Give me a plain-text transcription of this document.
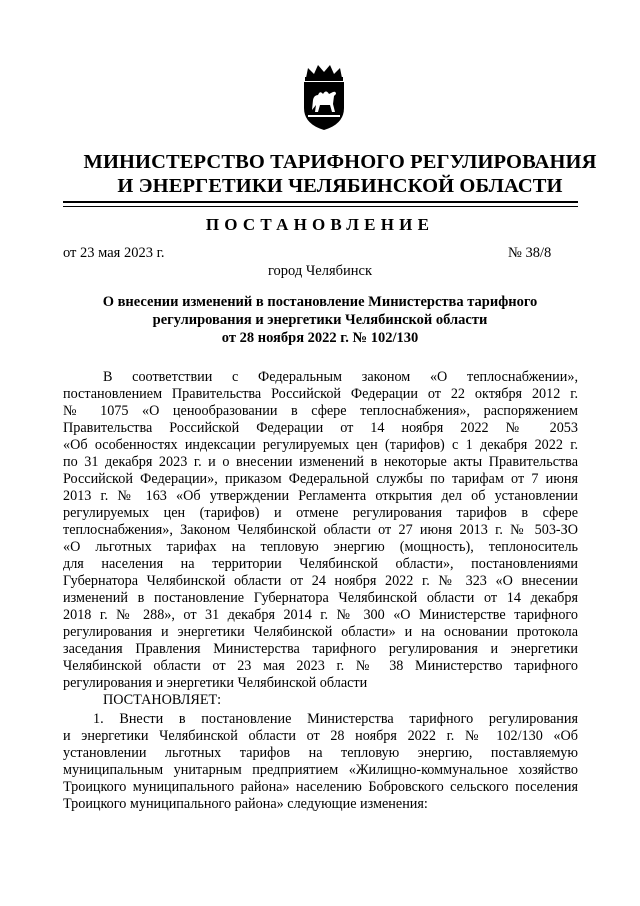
МИНИСТЕРСТВО ТАРИФНОГО РЕГУЛИРОВАНИЯ
И ЭНЕРГЕТИКИ ЧЕЛЯБИНСКОЙ ОБЛАСТИ
ПОСТАНОВЛЕНИЕ
от 23 мая 2023 г.	№ 38/8
город Челябинск
О внесении изменений в постановление Министерства тарифного
регулирования и энергетики Челябинской области
от 28 ноября 2022 г. № 102/130
В соответствии с Федеральным законом «О теплоснабжении»,
постановлением Правительства Российской Федерации от 22 октября 2012 г.
№ 1075 «О ценообразовании в сфере теплоснабжения», распоряжением
Правительства Российской Федерации от 14 ноября 2022 № 2053
«Об особенностях индексации регулируемых цен (тарифов) с 1 декабря 2022 г.
по 31 декабря 2023 г. и о внесении изменений в некоторые акты Правительства
Российской Федерации», приказом Федеральной службы по тарифам от 7 июня
2013 г. № 163 «Об утверждении Регламента открытия дел об установлении
регулируемых цен (тарифов) и отмене регулирования тарифов в сфере
теплоснабжения», Законом Челябинской области от 27 июня 2013 г. № 503-ЗО
«О льготных тарифах на тепловую энергию (мощность), теплоноситель
для населения на территории Челябинской области», постановлениями
Губернатора Челябинской области от 24 ноября 2022 г. № 323 «О внесении
изменений в постановление Губернатора Челябинской области от 14 декабря
2018 г. № 288», от 31 декабря 2014 г. № 300 «О Министерстве тарифного
регулирования и энергетики Челябинской области» и на основании протокола
заседания Правления Министерства тарифного регулирования и энергетики
Челябинской области от 23 мая 2023 г. № 38 Министерство тарифного
регулирования и энергетики Челябинской области
ПОСТАНОВЛЯЕТ:
1. Внести в постановление Министерства тарифного регулирования
и энергетики Челябинской области от 28 ноября 2022 г. № 102/130 «Об
установлении льготных тарифов на тепловую энергию, поставляемую
муниципальным унитарным предприятием «Жилищно-коммунальное хозяйство
Троицкого муниципального района» населению Бобровского сельского поселения
Троицкого муниципального района» следующие изменения:
